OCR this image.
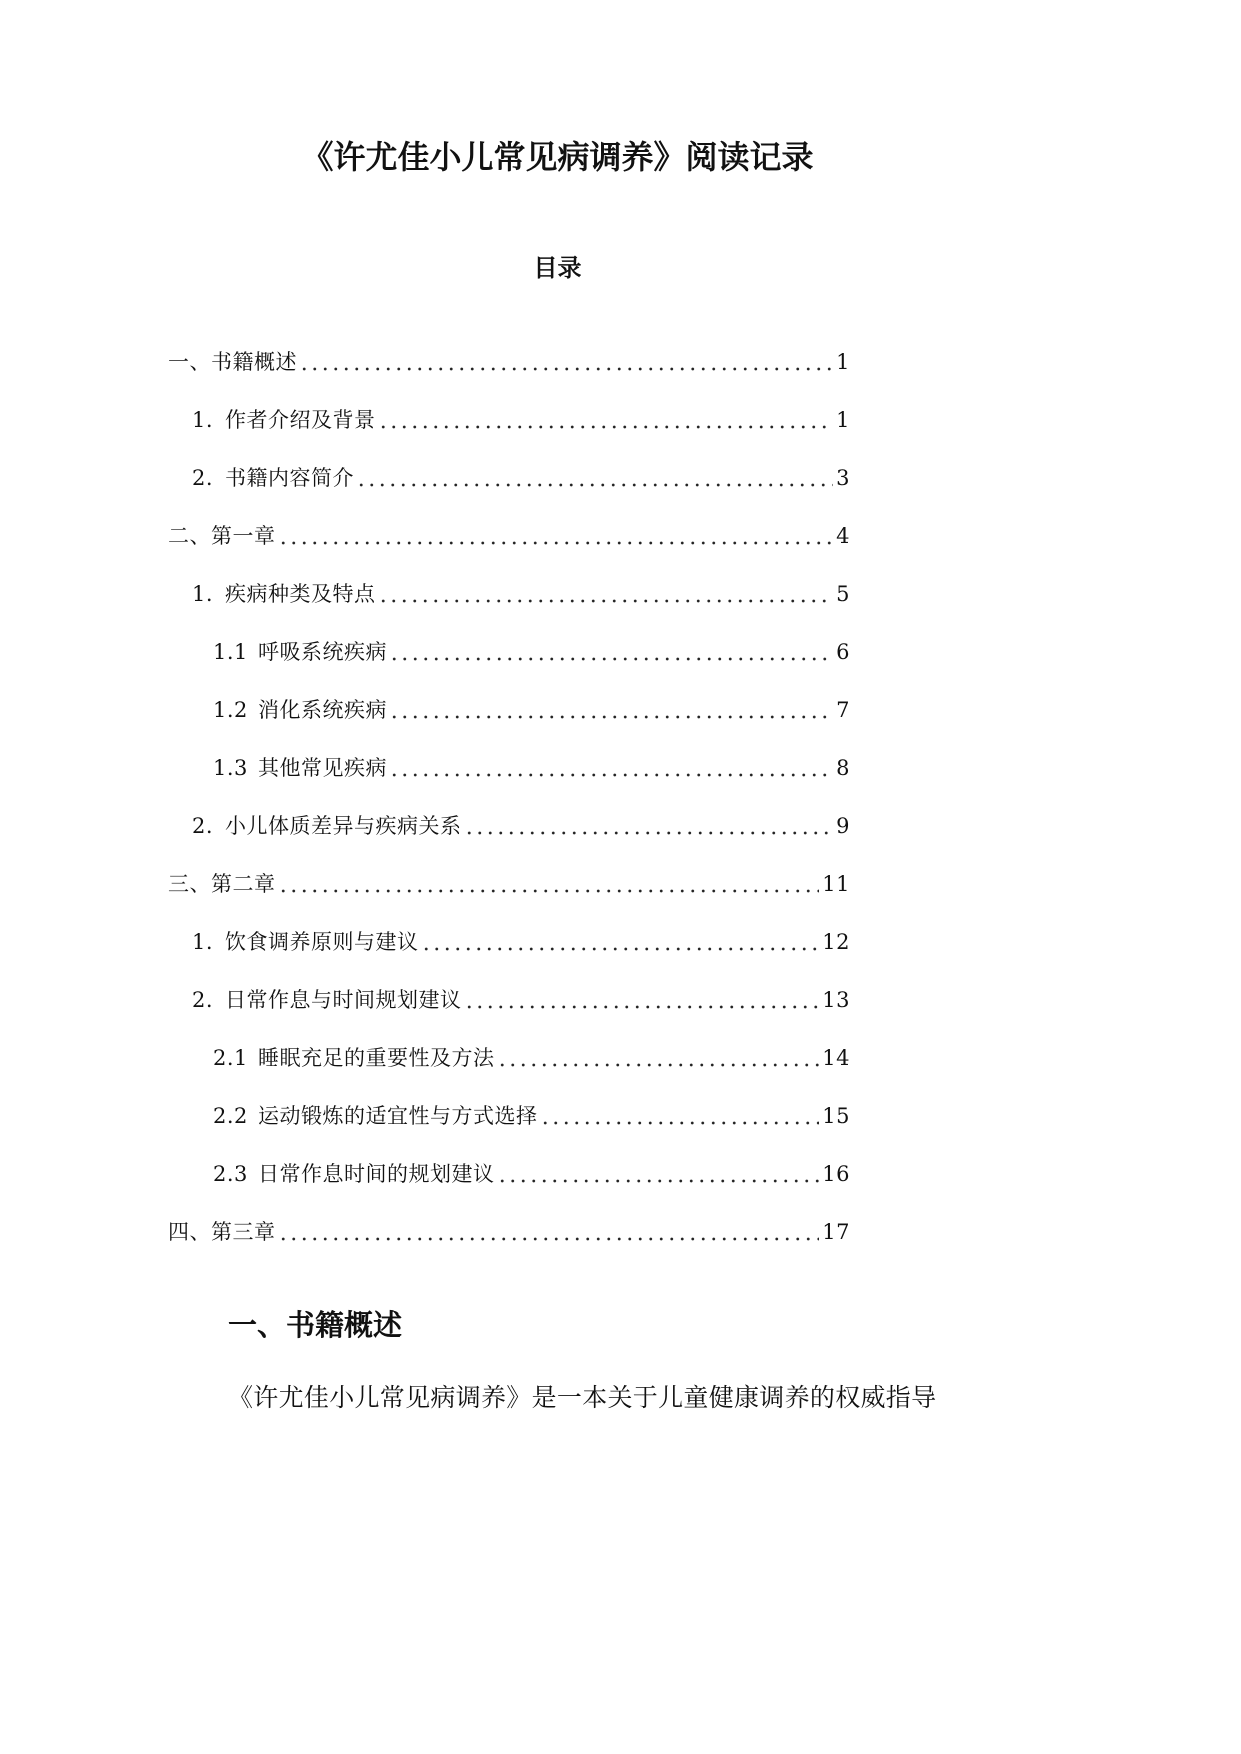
《许尤佳小儿常见病调养》阅读记录
目录
一、书籍概述	1
1. 作者介绍及背景	1
2. 书籍内容简介	3
二、第一章	4
1. 疾病种类及特点	5
1.1 呼吸系统疾病	6
1.2 消化系统疾病	7
1.3 其他常见疾病	8
2. 小儿体质差异与疾病关系	9
三、第二章	11
1. 饮食调养原则与建议	12
2. 日常作息与时间规划建议	13
2.1 睡眠充足的重要性及方法	14
2.2 运动锻炼的适宜性与方式选择	15
2.3 日常作息时间的规划建议	16
四、第三章	17
一、书籍概述
《许尤佳小儿常见病调养》是一本关于儿童健康调养的权威指导
